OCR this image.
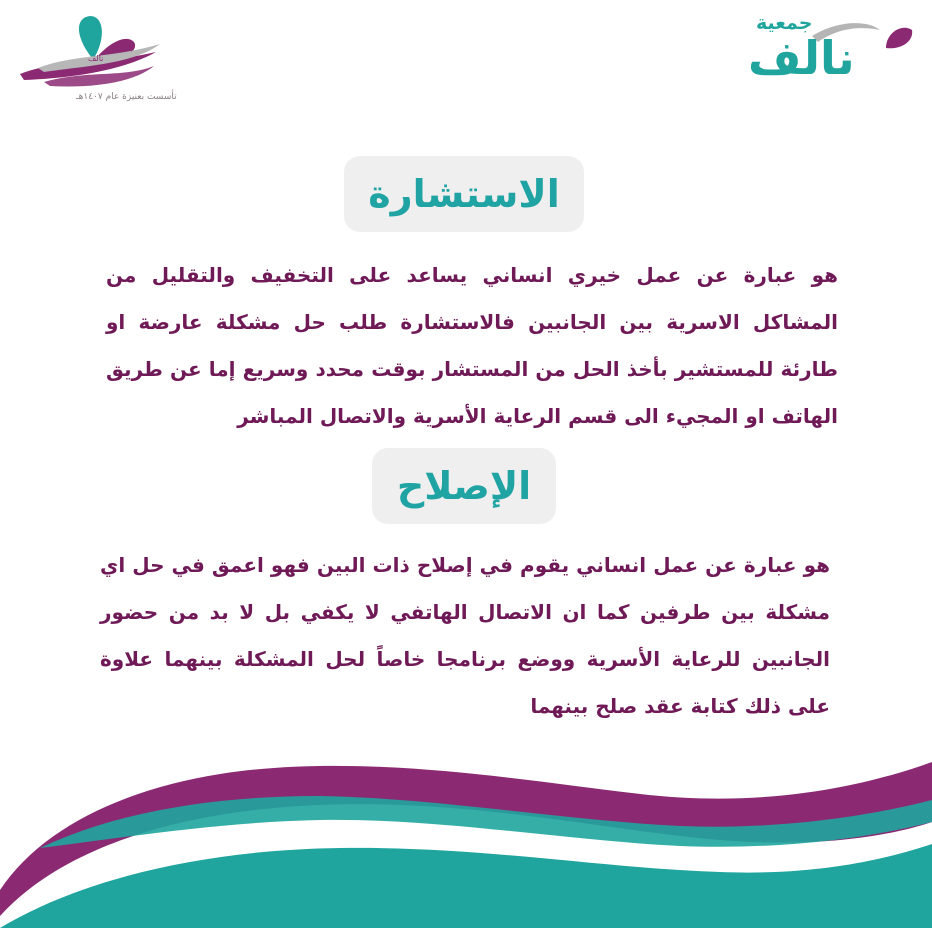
جمعية
نالف
تأسست بعنيزة عام ١٤٠٧هـ
جمعية
نالف
الاستشارة

هو عبارة عن عمل خيري انساني يساعد على التخفيف والتقليل من المشاكل الاسرية بين الجانبين فالاستشارة طلب حل مشكلة عارضة او طارئة للمستشير بأخذ الحل من المستشار بوقت محدد وسريع إما عن طريق الهاتف او المجيء الى قسم الرعاية الأسرية والاتصال المباشر

الإصلاح

هو عبارة عن عمل انساني يقوم في إصلاح ذات البين فهو اعمق في حل اي مشكلة بين طرفين كما ان الاتصال الهاتفي لا يكفي بل لا بد من حضور الجانبين للرعاية الأسرية ووضع برنامجا خاصاً لحل المشكلة بينهما علاوة على ذلك كتابة عقد صلح بينهما
